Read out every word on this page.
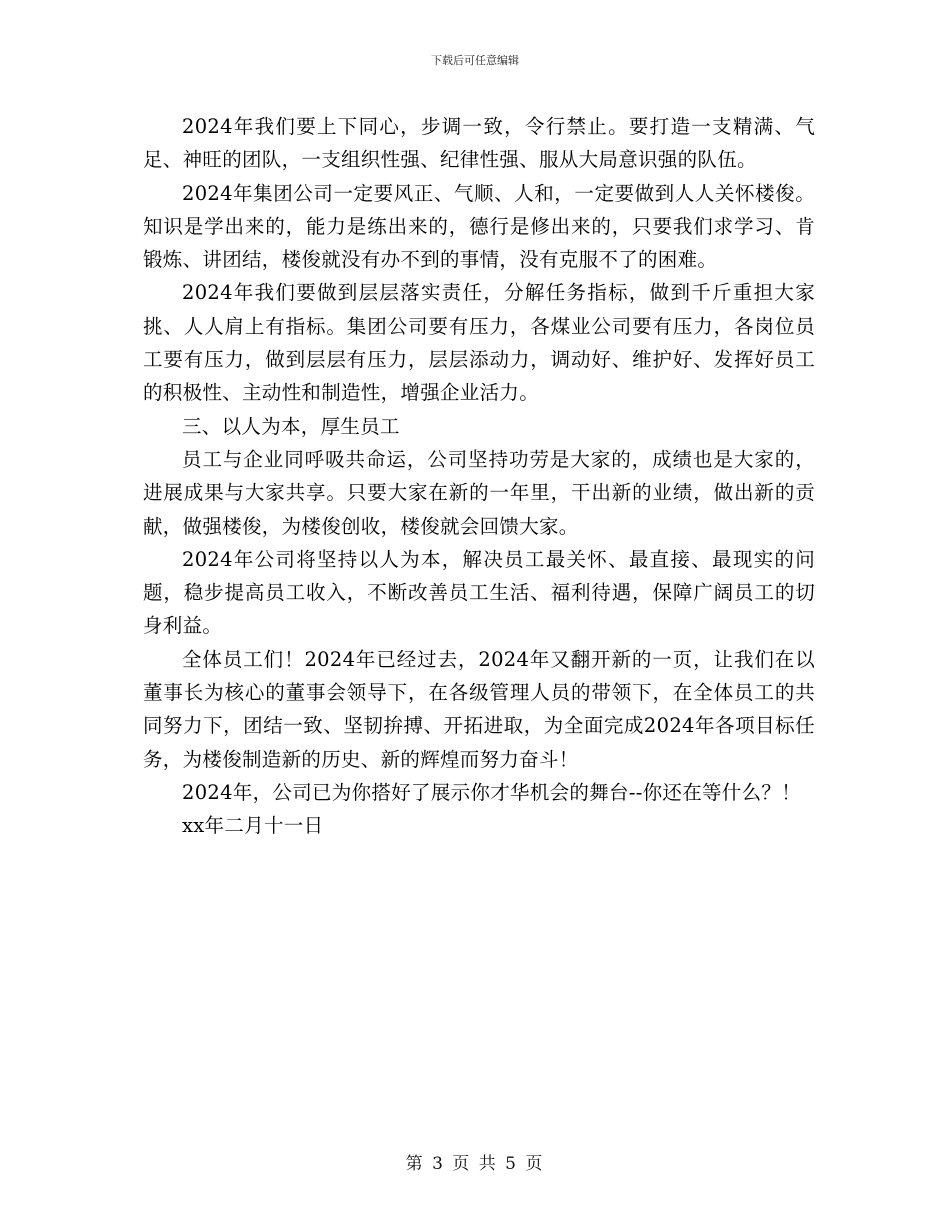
下载后可任意编辑

2024年我们要上下同心，步调一致，令行禁止。要打造一支精满、气足、神旺的团队，一支组织性强、纪律性强、服从大局意识强的队伍。

2024年集团公司一定要风正、气顺、人和，一定要做到人人关怀楼俊。知识是学出来的，能力是练出来的，德行是修出来的，只要我们求学习、肯锻炼、讲团结，楼俊就没有办不到的事情，没有克服不了的困难。

2024年我们要做到层层落实责任，分解任务指标，做到千斤重担大家挑、人人肩上有指标。集团公司要有压力，各煤业公司要有压力，各岗位员工要有压力，做到层层有压力，层层添动力，调动好、维护好、发挥好员工的积极性、主动性和制造性，增强企业活力。

三、以人为本，厚生员工

员工与企业同呼吸共命运，公司坚持功劳是大家的，成绩也是大家的，进展成果与大家共享。只要大家在新的一年里，干出新的业绩，做出新的贡献，做强楼俊，为楼俊创收，楼俊就会回馈大家。

2024年公司将坚持以人为本，解决员工最关怀、最直接、最现实的问题，稳步提高员工收入，不断改善员工生活、福利待遇，保障广阔员工的切身利益。

全体员工们！2024年已经过去，2024年又翻开新的一页，让我们在以董事长为核心的董事会领导下，在各级管理人员的带领下，在全体员工的共同努力下，团结一致、坚韧拚搏、开拓进取，为全面完成2024年各项目标任务，为楼俊制造新的历史、新的辉煌而努力奋斗！

2024年，公司已为你搭好了展示你才华机会的舞台--你还在等什么？！

xx年二月十一日

第 3 页 共 5 页
